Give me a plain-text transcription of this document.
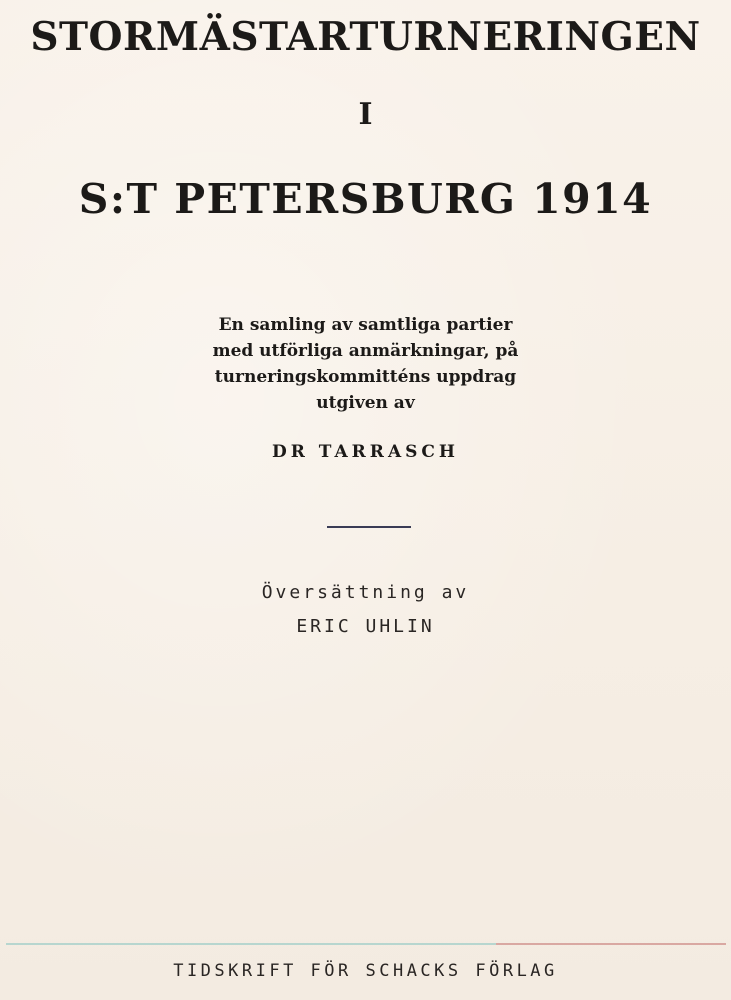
STORMÄSTARTURNERINGEN
I
S:T PETERSBURG 1914
En samling av samtliga partier
med utförliga anmärkningar, på
turneringskommitténs uppdrag
utgiven av
DR TARRASCH
Översättning av
ERIC UHLIN
TIDSKRIFT FÖR SCHACKS FÖRLAG
